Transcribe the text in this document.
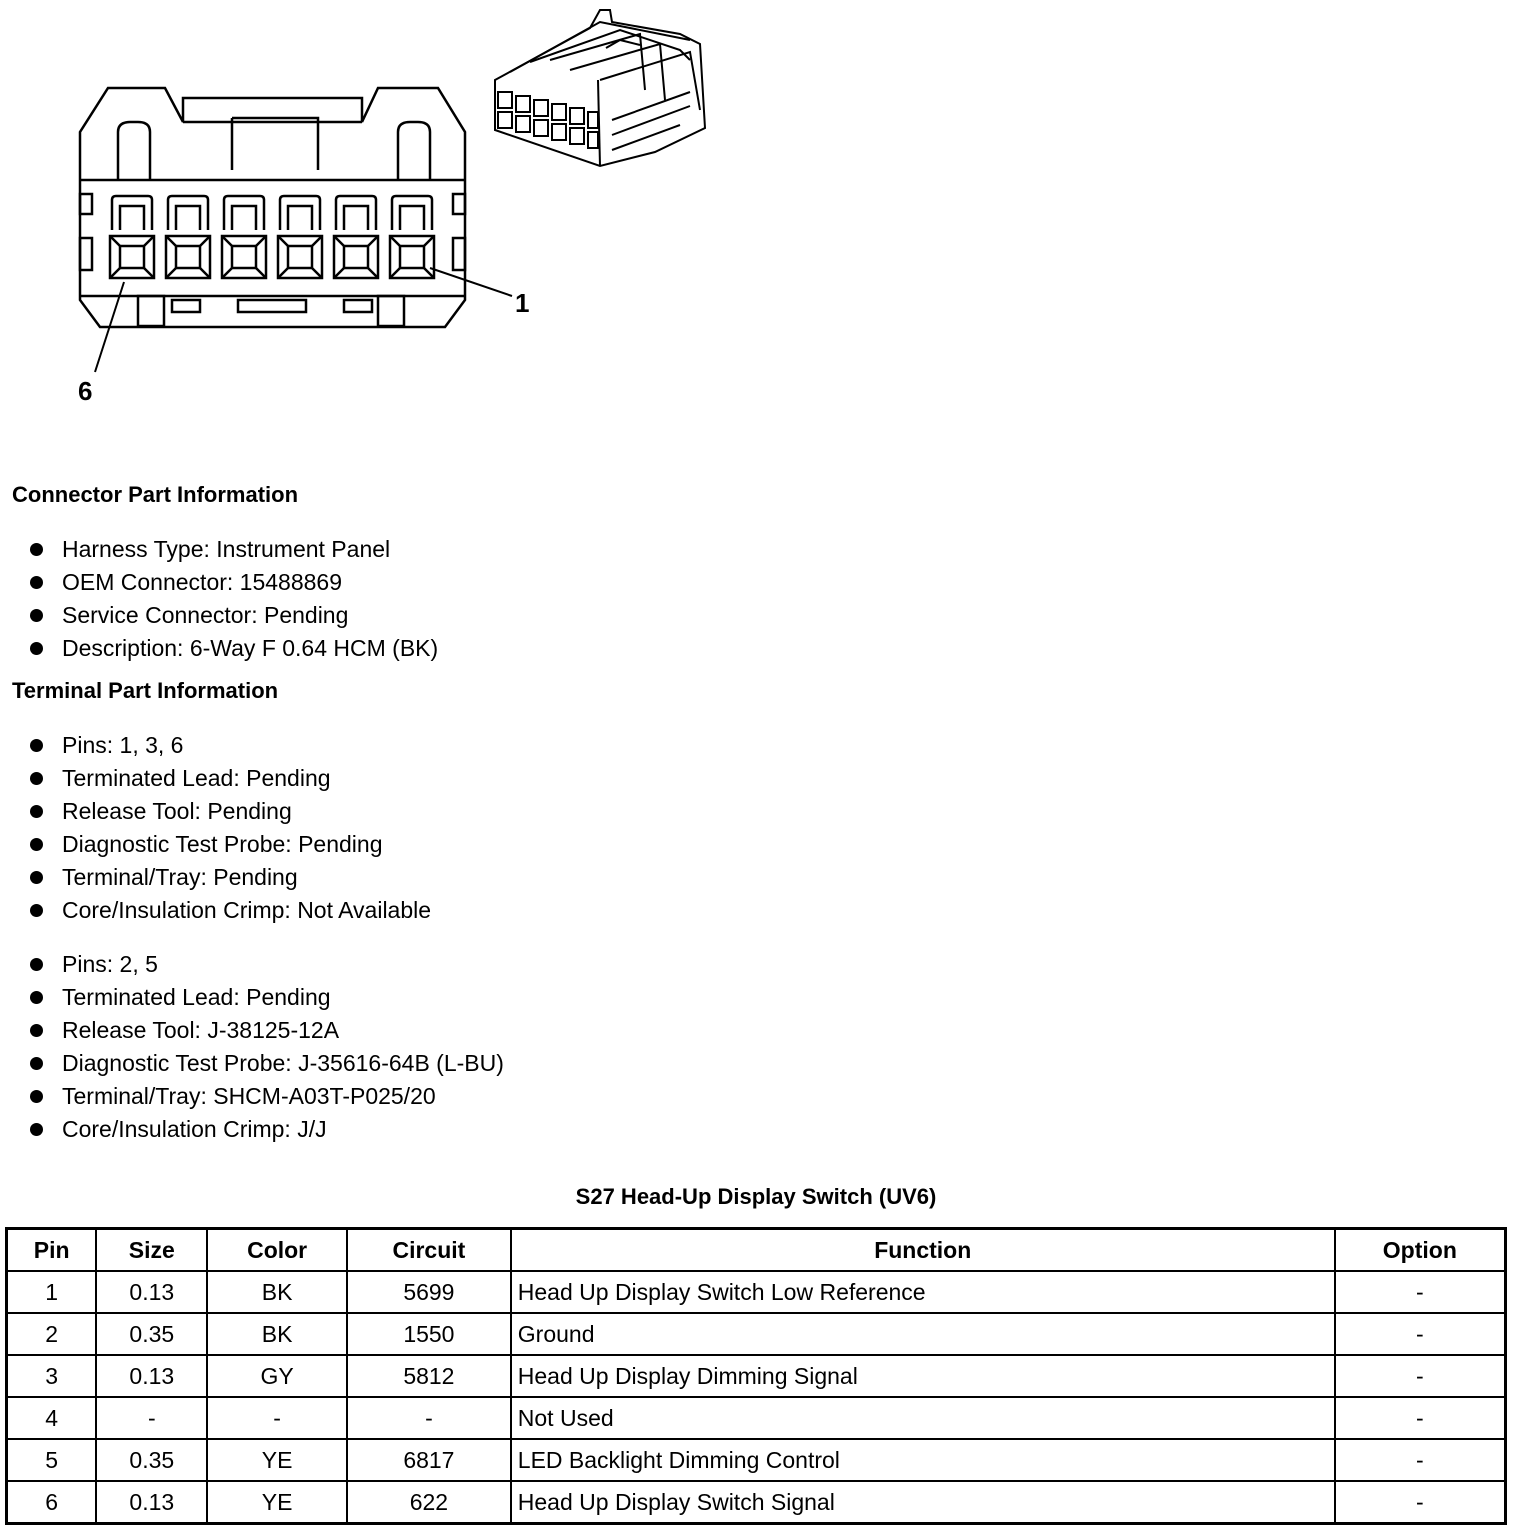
1
6
Connector Part Information
Harness Type: Instrument Panel
OEM Connector: 15488869
Service Connector: Pending
Description: 6-Way F 0.64 HCM (BK)
Terminal Part Information
Pins: 1, 3, 6
Terminated Lead: Pending
Release Tool: Pending
Diagnostic Test Probe: Pending
Terminal/Tray: Pending
Core/Insulation Crimp: Not Available
Pins: 2, 5
Terminated Lead: Pending
Release Tool: J-38125-12A
Diagnostic Test Probe: J-35616-64B (L-BU)
Terminal/Tray: SHCM-A03T-P025/20
Core/Insulation Crimp: J/J
S27 Head-Up Display Switch (UV6)
Pin	Size	Color	Circuit	Function	Option
1	0.13	BK	5699	Head Up Display Switch Low Reference	-
2	0.35	BK	1550	Ground	-
3	0.13	GY	5812	Head Up Display Dimming Signal	-
4	-	-	-	Not Used	-
5	0.35	YE	6817	LED Backlight Dimming Control	-
6	0.13	YE	622	Head Up Display Switch Signal	-
